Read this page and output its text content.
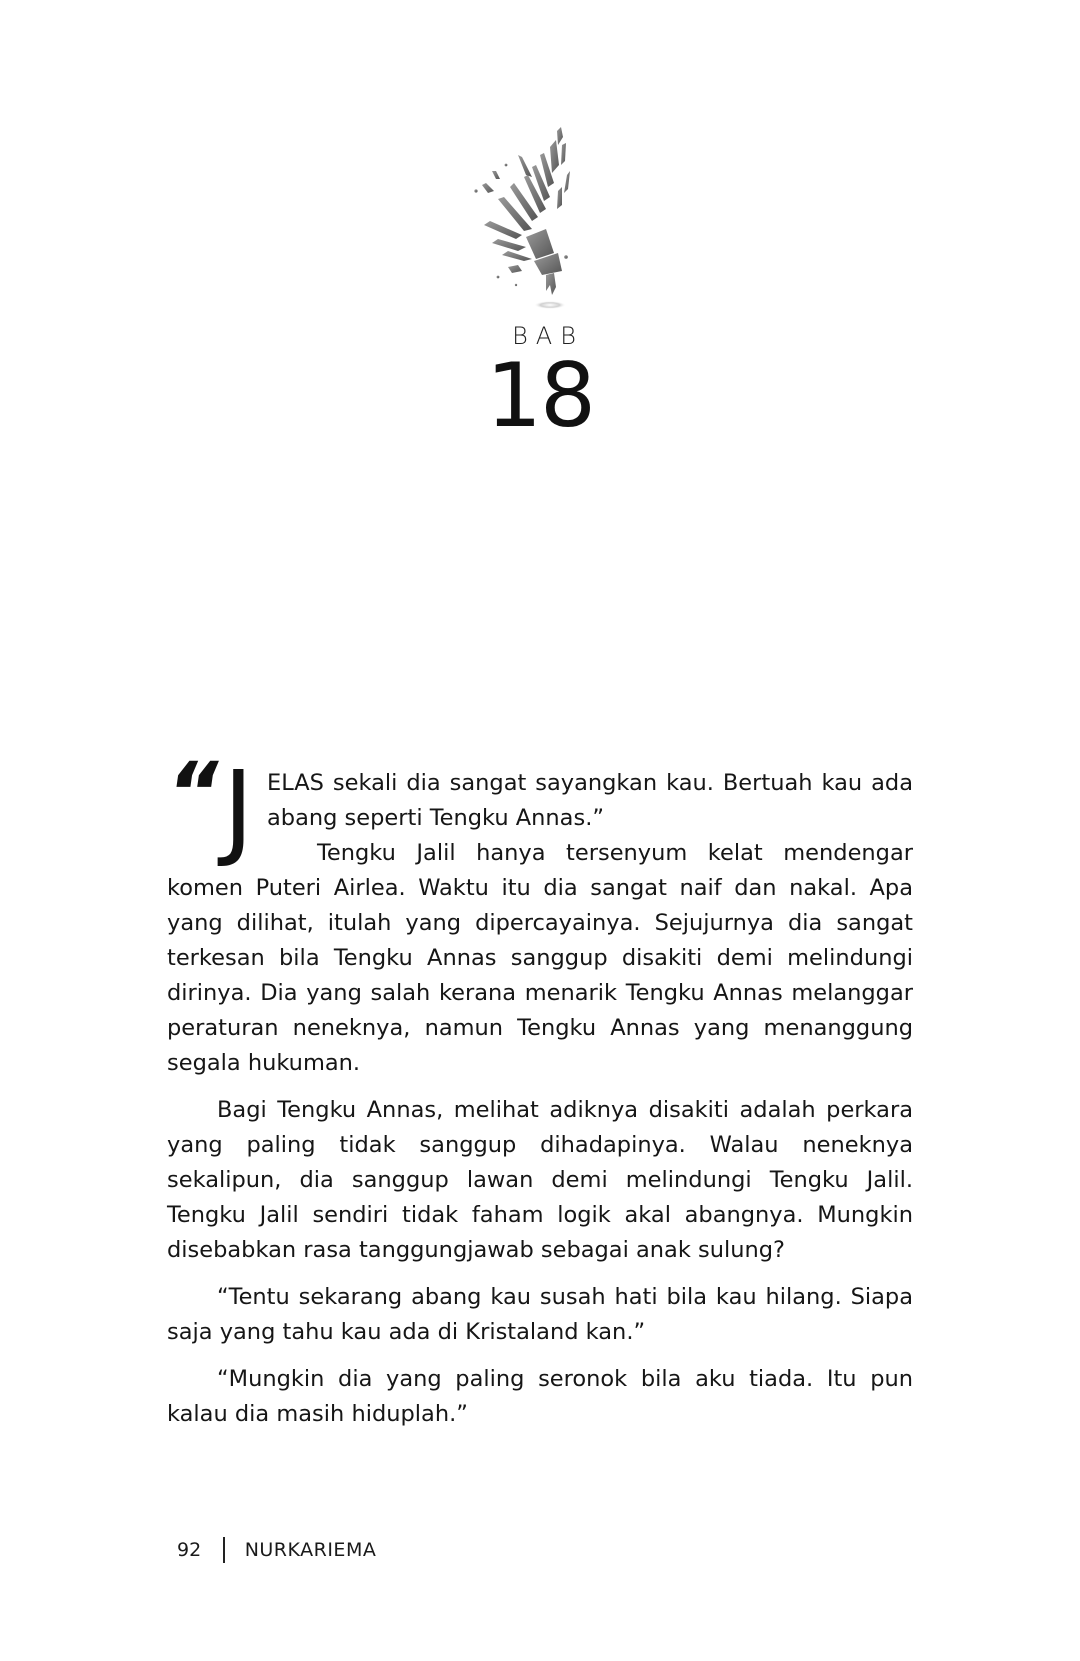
BAB
18

“ J ELAS sekali dia sangat sayangkan kau. Bertuah kau ada abang seperti Tengku Annas.”
Tengku Jalil hanya tersenyum kelat mendengar komen Puteri Airlea. Waktu itu dia sangat naif dan nakal. Apa yang dilihat, itulah yang dipercayainya. Sejujurnya dia sangat terkesan bila Tengku Annas sanggup disakiti demi melindungi dirinya. Dia yang salah kerana menarik Tengku Annas melanggar peraturan neneknya, namun Tengku Annas yang menanggung segala hukuman.

Bagi Tengku Annas, melihat adiknya disakiti adalah perkara yang paling tidak sanggup dihadapinya. Walau neneknya sekalipun, dia sanggup lawan demi melindungi Tengku Jalil. Tengku Jalil sendiri tidak faham logik akal abangnya. Mungkin disebabkan rasa tanggungjawab sebagai anak sulung?

“Tentu sekarang abang kau susah hati bila kau hilang. Siapa saja yang tahu kau ada di Kristaland kan.”

“Mungkin dia yang paling seronok bila aku tiada. Itu pun kalau dia masih hiduplah.”

92 NURKARIEMA
